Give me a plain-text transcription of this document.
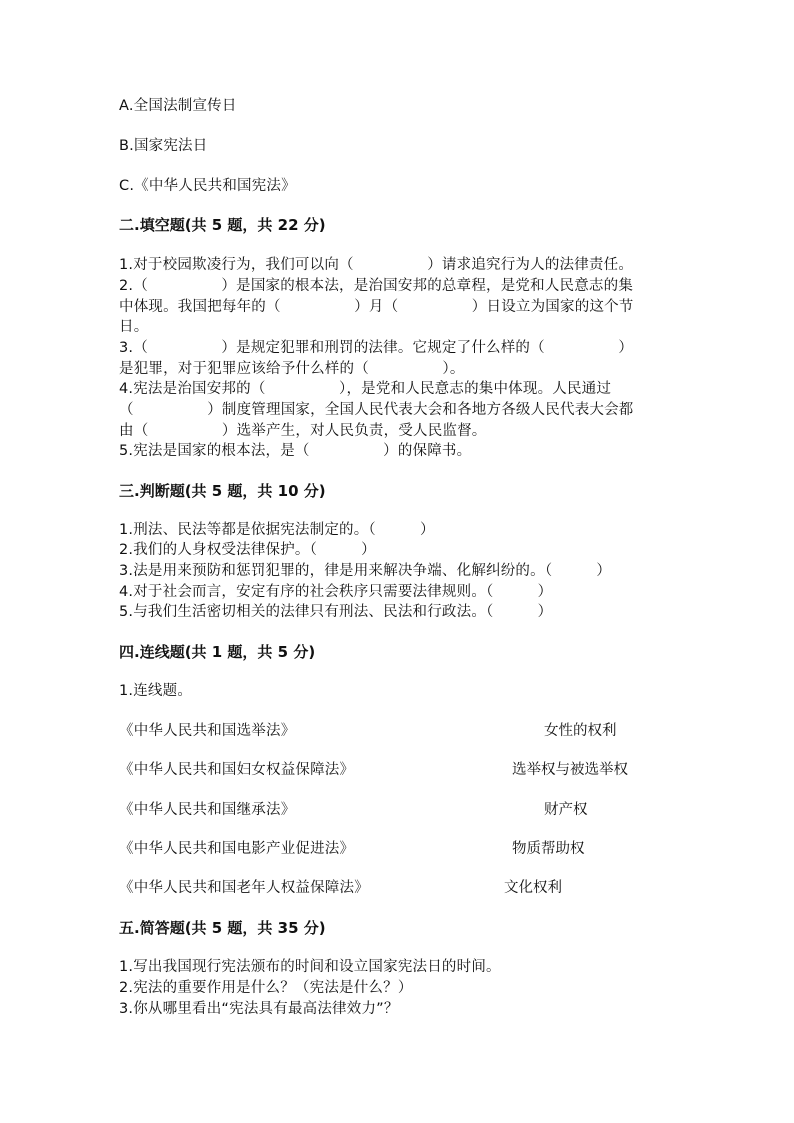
A.全国法制宣传日
B.国家宪法日
C.《中华人民共和国宪法》
二.填空题(共 5 题，共 22 分)
1.对于校园欺凌行为，我们可以向（　　　　　）请求追究行为人的法律责任。
2.（　　　　　）是国家的根本法，是治国安邦的总章程，是党和人民意志的集
中体现。我国把每年的（　　　　　）月（　　　　　）日设立为国家的这个节
日。
3.（　　　　　）是规定犯罪和刑罚的法律。它规定了什么样的（　　　　　）
是犯罪，对于犯罪应该给予什么样的（　　　　　）。
4.宪法是治国安邦的（　　　　　），是党和人民意志的集中体现。人民通过
（　　　　　）制度管理国家，全国人民代表大会和各地方各级人民代表大会都
由（　　　　　）选举产生，对人民负责，受人民监督。
5.宪法是国家的根本法，是（　　　　　）的保障书。
三.判断题(共 5 题，共 10 分)
1.刑法、民法等都是依据宪法制定的。（　　　）
2.我们的人身权受法律保护。（　　　）
3.法是用来预防和惩罚犯罪的，律是用来解决争端、化解纠纷的。（　　　）
4.对于社会而言，安定有序的社会秩序只需要法律规则。（　　　）
5.与我们生活密切相关的法律只有刑法、民法和行政法。（　　　）
四.连线题(共 1 题，共 5 分)
1.连线题。
《中华人民共和国选举法》	女性的权利
《中华人民共和国妇女权益保障法》	选举权与被选举权
《中华人民共和国继承法》	财产权
《中华人民共和国电影产业促进法》	物质帮助权
《中华人民共和国老年人权益保障法》	文化权利
五.简答题(共 5 题，共 35 分)
1.写出我国现行宪法颁布的时间和设立国家宪法日的时间。
2.宪法的重要作用是什么？（宪法是什么？）
3.你从哪里看出“宪法具有最高法律效力”？
